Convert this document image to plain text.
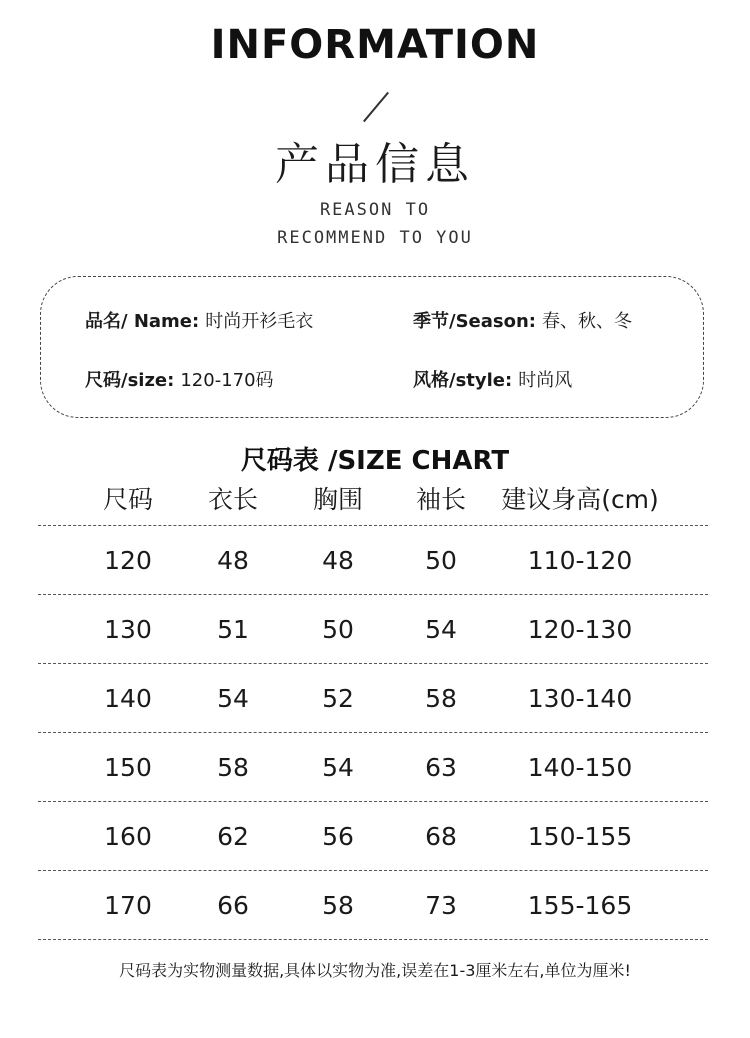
INFORMATION
产品信息
REASON TO
RECOMMEND TO YOU
品名/ Name: 时尚开衫毛衣	季节/Season: 春、秋、冬
尺码/size: 120-170码	风格/style: 时尚风
尺码表 /SIZE CHART
尺码	衣长	胸围	袖长	建议身高(cm)
120	48	48	50	110-120
130	51	50	54	120-130
140	54	52	58	130-140
150	58	54	63	140-150
160	62	56	68	150-155
170	66	58	73	155-165
尺码表为实物测量数据,具体以实物为准,误差在1-3厘米左右,单位为厘米!
